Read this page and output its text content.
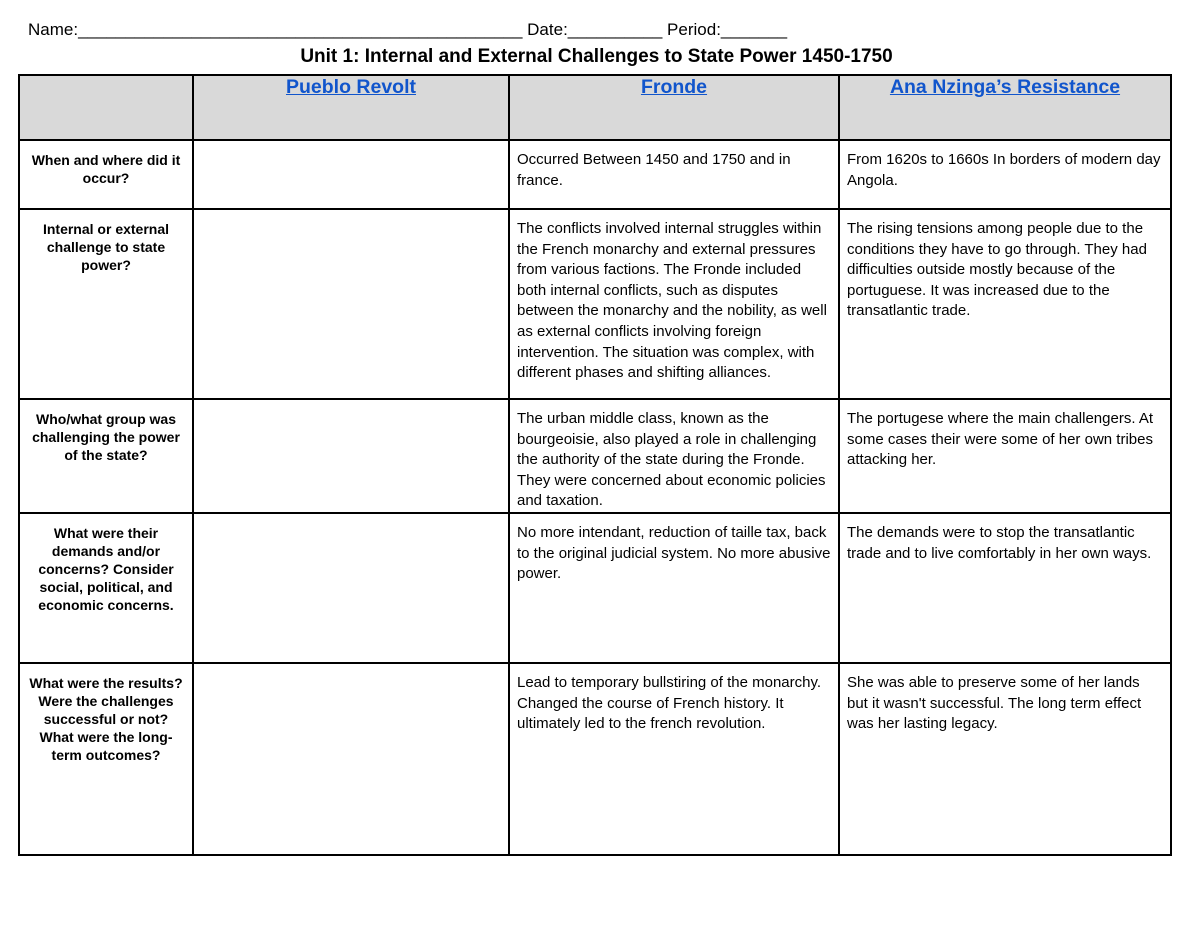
Name:_______________________________________________ Date:__________ Period:_______
Unit 1: Internal and External Challenges to State Power 1450-1750
	Pueblo Revolt	Fronde	Ana Nzinga’s Resistance
When and where did it occur?		Occurred Between 1450 and 1750 and in france.	From 1620s to 1660s In borders of modern day Angola.
Internal or external challenge to state power?		The conflicts involved internal struggles within the French monarchy and external pressures from various factions. The Fronde included both internal conflicts, such as disputes between the monarchy and the nobility, as well as external conflicts involving foreign intervention. The situation was complex, with different phases and shifting alliances.	The rising tensions among people due to the conditions they have to go through. They had difficulties outside mostly because of the portuguese. It was increased due to the transatlantic trade.
Who/what group was challenging the power of the state?		The urban middle class, known as the bourgeoisie, also played a role in challenging the authority of the state during the Fronde. They were concerned about economic policies and taxation.	The portugese where the main challengers. At some cases their were some of her own tribes attacking her.
What were their demands and/or concerns? Consider social, political, and economic concerns.		No more intendant, reduction of taille tax, back to the original judicial system. No more abusive power.	The demands were to stop the transatlantic trade and to live comfortably in her own ways.
What were the results? Were the challenges successful or not? What were the long-term outcomes?		Lead to temporary bullstiring of the monarchy. Changed the course of French history. It ultimately led to the french revolution.	She was able to preserve some of her lands but it wasn't successful. The long term effect was her lasting legacy.
